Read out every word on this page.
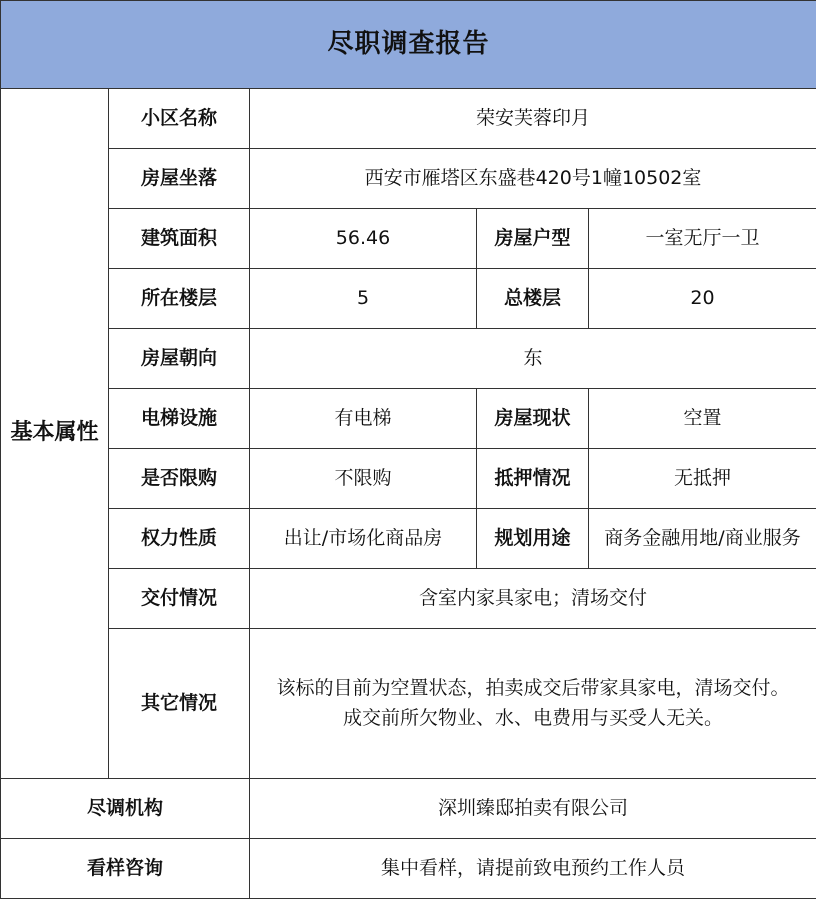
尽职调查报告				
基本属性	小区名称	荣安芙蓉印月		
	房屋坐落	西安市雁塔区东盛巷420号1幢10502室		
	建筑面积	56.46	房屋户型	一室无厅一卫
	所在楼层	5	总楼层	20
	房屋朝向	东		
	电梯设施	有电梯	房屋现状	空置
	是否限购	不限购	抵押情况	无抵押
	权力性质	出让/市场化商品房	规划用途	商务金融用地/商业服务
	交付情况	含室内家具家电；清场交付		
	其它情况	该标的目前为空置状态，拍卖成交后带家具家电，清场交付。
成交前所欠物业、水、电费用与买受人无关。		

尽调机构		深圳臻邸拍卖有限公司		
看样咨询		集中看样，请提前致电预约工作人员		
